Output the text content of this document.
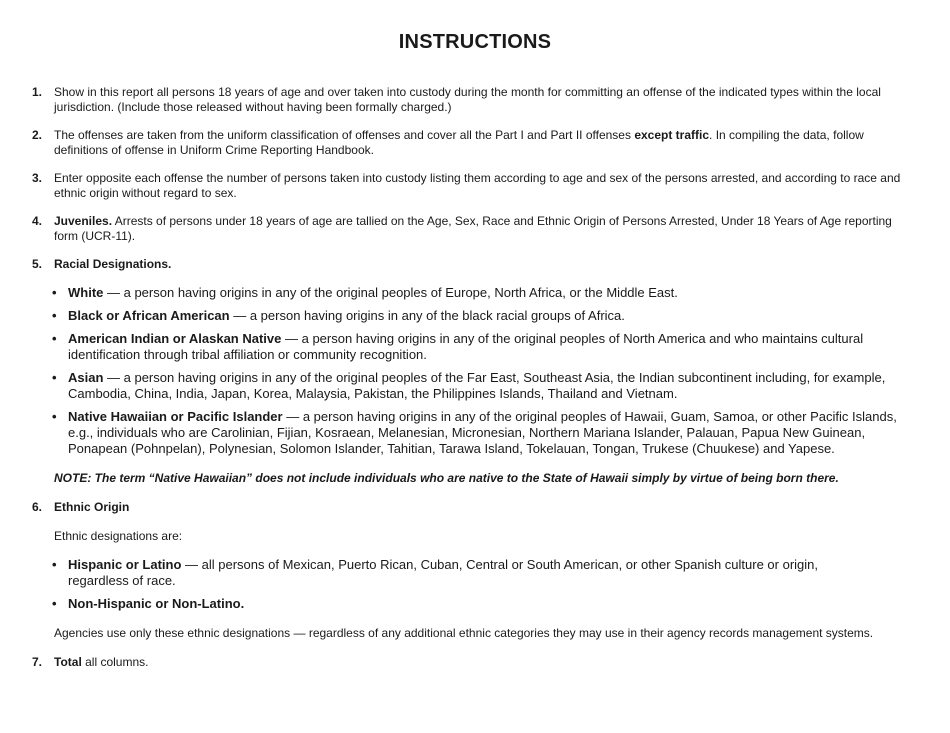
INSTRUCTIONS
1. Show in this report all persons 18 years of age and over taken into custody during the month for committing an offense of the indicated types within the local jurisdiction. (Include those released without having been formally charged.)
2. The offenses are taken from the uniform classification of offenses and cover all the Part I and Part II offenses except traffic. In compiling the data, follow definitions of offense in Uniform Crime Reporting Handbook.
3. Enter opposite each offense the number of persons taken into custody listing them according to age and sex of the persons arrested, and according to race and ethnic origin without regard to sex.
4. Juveniles. Arrests of persons under 18 years of age are tallied on the Age, Sex, Race and Ethnic Origin of Persons Arrested, Under 18 Years of Age reporting form (UCR-11).
5. Racial Designations.
• White — a person having origins in any of the original peoples of Europe, North Africa, or the Middle East.
• Black or African American — a person having origins in any of the black racial groups of Africa.
• American Indian or Alaskan Native — a person having origins in any of the original peoples of North America and who maintains cultural identification through tribal affiliation or community recognition.
• Asian — a person having origins in any of the original peoples of the Far East, Southeast Asia, the Indian subcontinent including, for example, Cambodia, China, India, Japan, Korea, Malaysia, Pakistan, the Philippines Islands, Thailand and Vietnam.
• Native Hawaiian or Pacific Islander — a person having origins in any of the original peoples of Hawaii, Guam, Samoa, or other Pacific Islands, e.g., individuals who are Carolinian, Fijian, Kosraean, Melanesian, Micronesian, Northern Mariana Islander, Palauan, Papua New Guinean, Ponapean (Pohnpelan), Polynesian, Solomon Islander, Tahitian, Tarawa Island, Tokelauan, Tongan, Trukese (Chuukese) and Yapese.
NOTE: The term “Native Hawaiian” does not include individuals who are native to the State of Hawaii simply by virtue of being born there.
6. Ethnic Origin
Ethnic designations are:
• Hispanic or Latino — all persons of Mexican, Puerto Rican, Cuban, Central or South American, or other Spanish culture or origin, regardless of race.
• Non-Hispanic or Non-Latino.
Agencies use only these ethnic designations — regardless of any additional ethnic categories they may use in their agency records management systems.
7. Total all columns.
